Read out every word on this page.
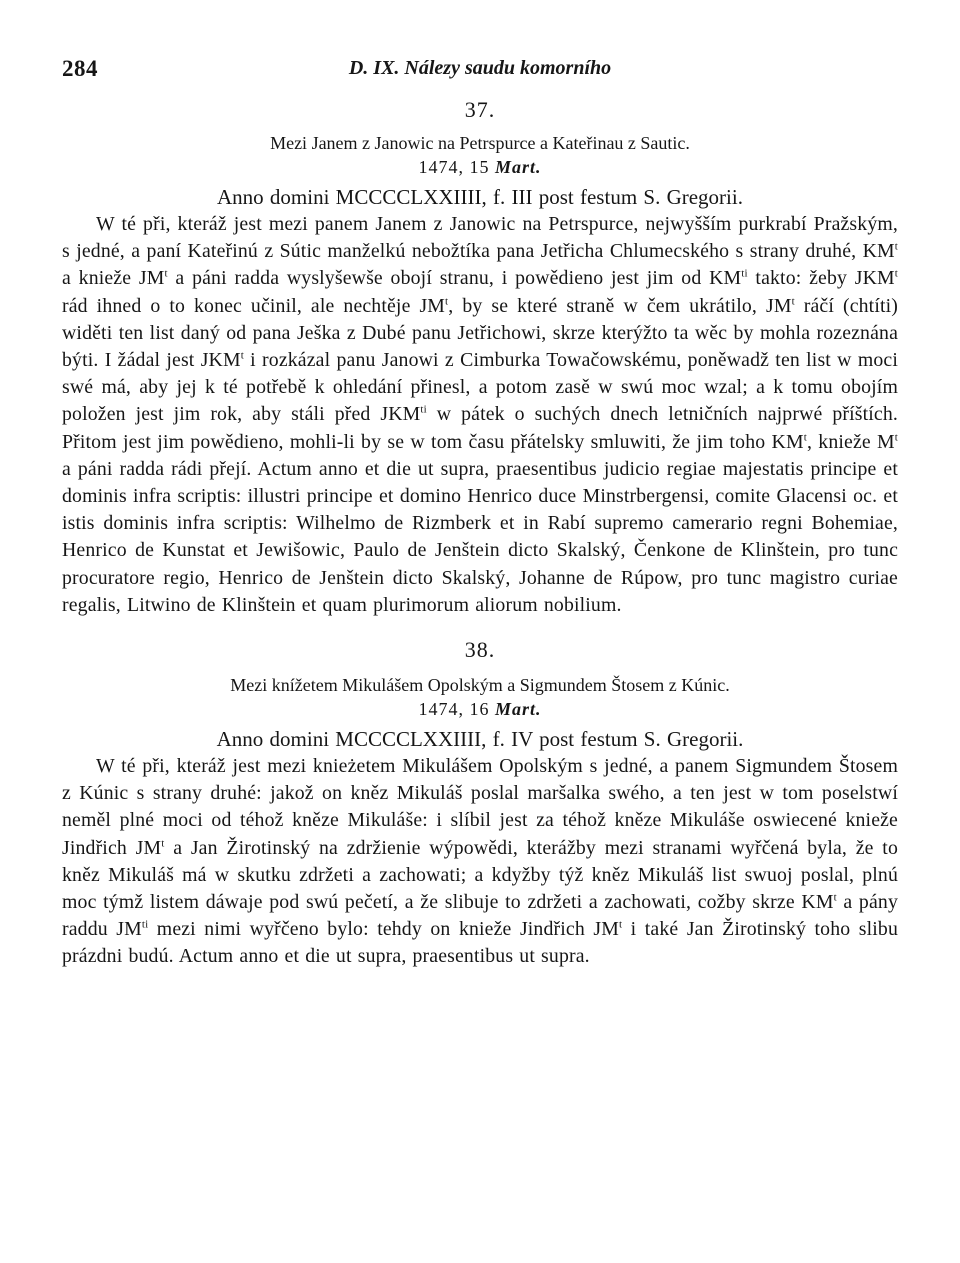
284	D. IX. Nálezy saudu komorního
37.
Mezi Janem z Janowic na Petrspurce a Kateřinau z Sautic.
1474, 15 Mart.
Anno domini MCCCCLXXIIII, f. III post festum S. Gregorii.

W té při, kteráž jest mezi panem Janem z Janowic na Petrspurce, nejwyšším purkrabí Pražským, s jedné, a paní Kateřinú z Sútic manželkú nebožtíka pana Jetřicha Chlumecského s strany druhé, $KM^t$ a knieže $JM^t$ a páni radda wyslyšewše obojí stranu, i powědieno jest jim od $KM^{ti}$ takto: žeby JKM$^t$ rád ihned o to konec učinil, ale nechtěje $JM^t$, by se které straně w čem ukrátilo, $JM^t$ ráčí (chtíti) widěti ten list daný od pana Ješka z Dubé panu Jetřichowi, skrze kterýžto ta wěc by mohla rozeznána býti. I žádal jest JKM$^t$ i rozkázal panu Janowi z Cimburka Towačowskému, poněwadž ten list w moci swé má, aby jej k té potřebě k ohledání přinesl, a potom zasě w swú moc wzal; a k tomu obojím položen jest jim rok, aby stáli před $JKM^{ti}$ w pátek o suchých dnech letničních najprwé příštích. Přitom jest jim powědieno, mohli-li by se w tom času přátelsky smluwiti, že jim toho $KM^t$, knieže $M^t$ a páni radda rádi přejí. Actum anno et die ut supra, praesentibus judicio regiae majestatis principe et dominis infra scriptis: illustri principe et domino Henrico duce Minstrbergensi, comite Glacensi oc. et istis dominis infra scriptis: Wilhelmo de Rizmberk et in Rabí supremo camerario regni Bohemiae, Henrico de Kunstat et Jewišowic, Paulo de Jenštein dicto Skalský, Čenkone de Klinštein, pro tunc procuratore regio, Henrico de Jenštein dicto Skalský, Johanne de Rúpow, pro tunc magistro curiae regalis, Litwino de Klinštein et quam plurimorum aliorum nobilium.

38.
Mezi knížetem Mikulášem Opolským a Sigmundem Štosem z Kúnic.
1474, 16 Mart.
Anno domini MCCCCLXXIIII, f. IV post festum S. Gregorii.

W té při, kteráž jest mezi knieżetem Mikulášem Opolským s jedné, a panem Sigmundem Štosem z Kúnic s strany druhé: jakož on kněz Mikuláš poslal maršalka swého, a ten jest w tom poselstwí neměl plné moci od téhož kněze Mikuláše: i slíbil jest za téhož kněze Mikuláše oswiecené knieže Jindřich $JM^t$ a Jan Žirotinský na zdržienie wýpowědi, kterážby mezi stranami wyřčená byla, že to kněz Mikuláš má w skutku zdržeti a zachowati; a kdyžby týž kněz Mikuláš list swuoj poslal, plnú moc týmž listem dáwaje pod swú pečetí, a že slibuje to zdržeti a zachowati, cožby skrze $KM^t$ a pány raddu $JM^{ti}$ mezi nimi wyřčeno bylo: tehdy on knieže Jindřich $JM^t$ i také Jan Žirotinský toho slibu prázdni budú. Actum anno et die ut supra, praesentibus ut supra.
